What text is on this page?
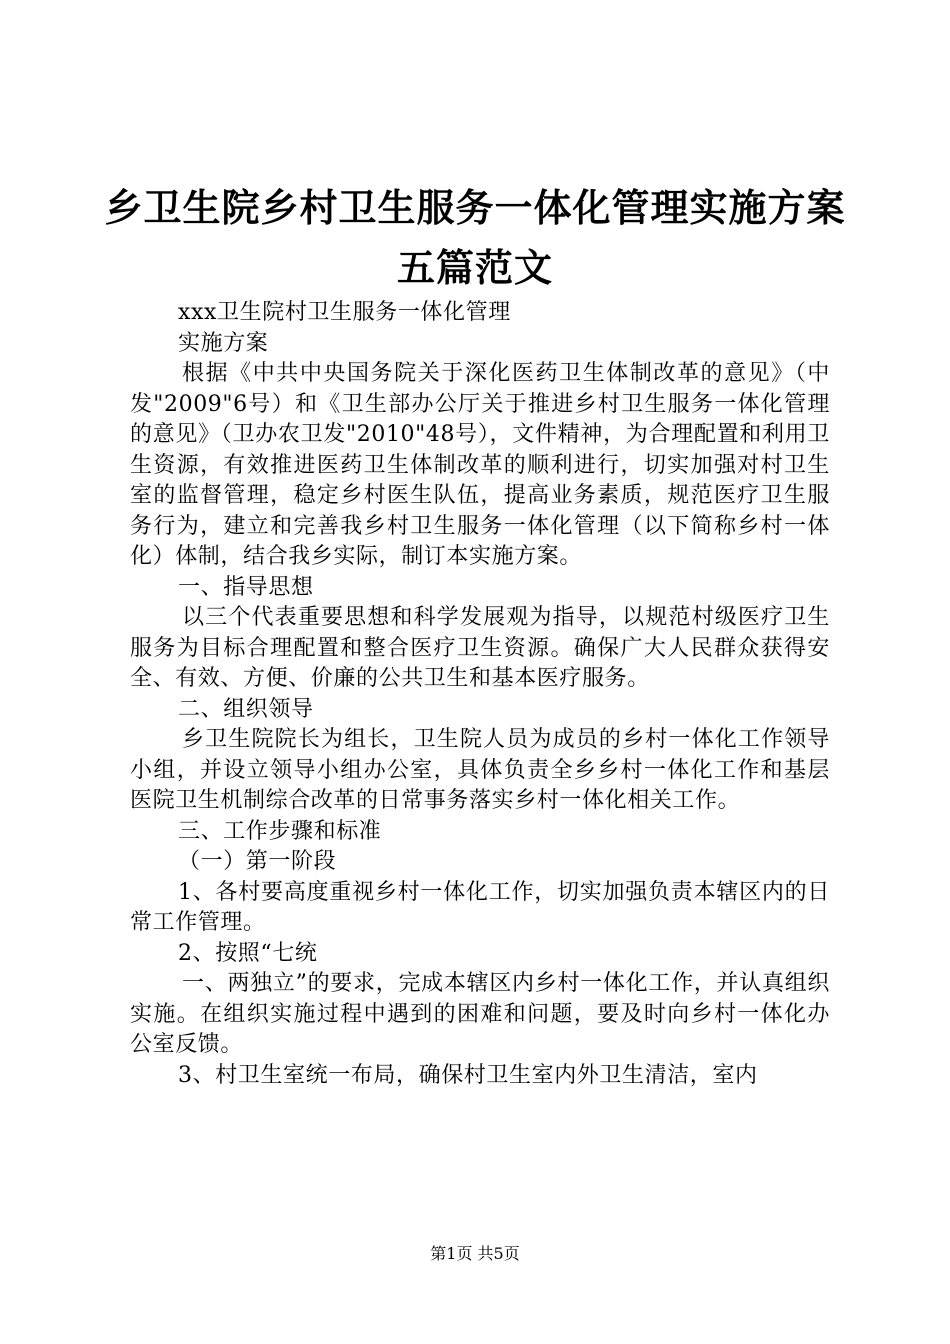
乡卫生院乡村卫生服务一体化管理实施方案五篇范文

xxx卫生院村卫生服务一体化管理

实施方案

根据《中共中央国务院关于深化医药卫生体制改革的意见》（中发"2009"6号）和《卫生部办公厅关于推进乡村卫生服务一体化管理的意见》（卫办农卫发"2010"48号），文件精神，为合理配置和利用卫生资源，有效推进医药卫生体制改革的顺利进行，切实加强对村卫生室的监督管理，稳定乡村医生队伍，提高业务素质，规范医疗卫生服务行为，建立和完善我乡村卫生服务一体化管理（以下简称乡村一体化）体制，结合我乡实际，制订本实施方案。

一、指导思想

以三个代表重要思想和科学发展观为指导，以规范村级医疗卫生服务为目标合理配置和整合医疗卫生资源。确保广大人民群众获得安全、有效、方便、价廉的公共卫生和基本医疗服务。

二、组织领导

乡卫生院院长为组长，卫生院人员为成员的乡村一体化工作领导小组，并设立领导小组办公室，具体负责全乡乡村一体化工作和基层医院卫生机制综合改革的日常事务落实乡村一体化相关工作。

三、工作步骤和标准

（一）第一阶段

1、各村要高度重视乡村一体化工作，切实加强负责本辖区内的日常工作管理。

2、按照“七统

一、两独立”的要求，完成本辖区内乡村一体化工作，并认真组织实施。在组织实施过程中遇到的困难和问题，要及时向乡村一体化办公室反馈。

3、村卫生室统一布局，确保村卫生室内外卫生清洁，室内

第1页 共5页
